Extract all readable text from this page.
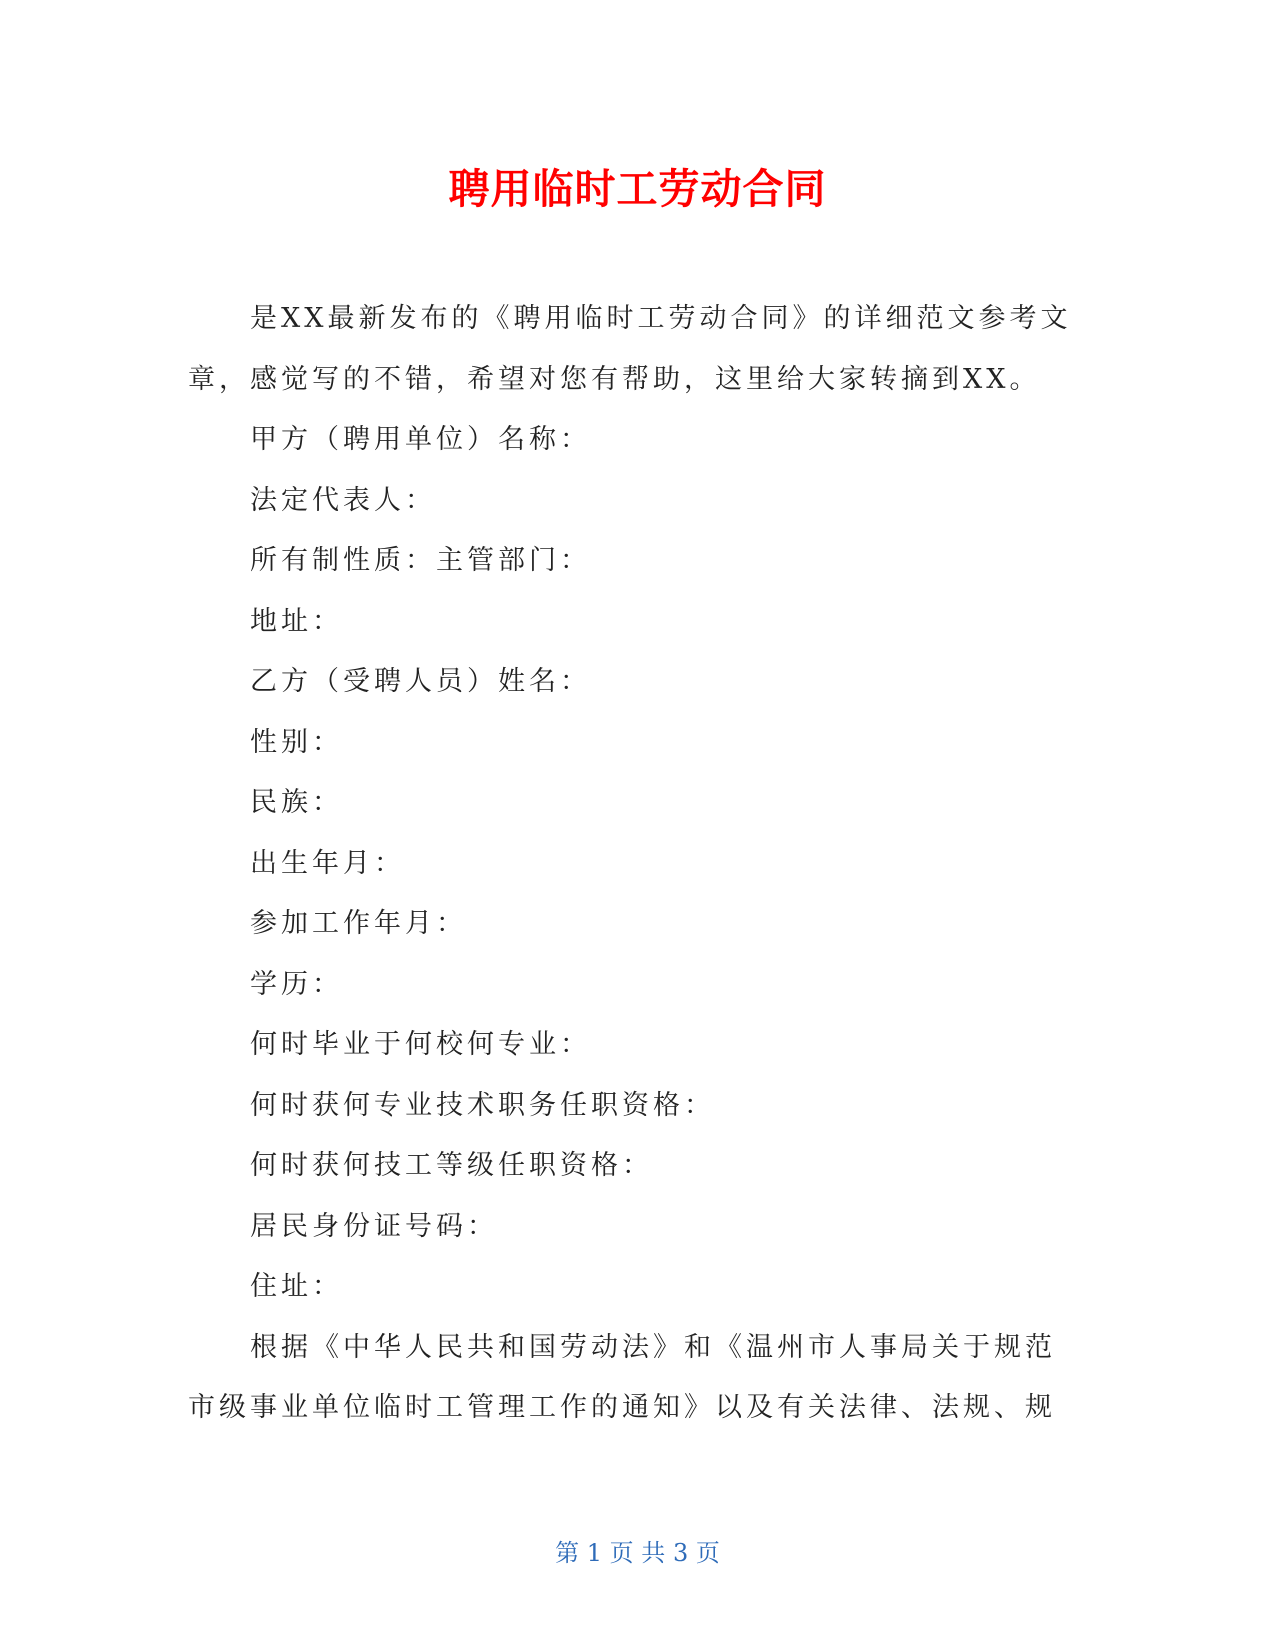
聘用临时工劳动合同

是XX最新发布的《聘用临时工劳动合同》的详细范文参考文
章，感觉写的不错，希望对您有帮助，这里给大家转摘到XX。

甲方（聘用单位）名称：

法定代表人：

所有制性质：主管部门：

地址：

乙方（受聘人员）姓名：

性别：

民族：

出生年月：

参加工作年月：

学历：

何时毕业于何校何专业：

何时获何专业技术职务任职资格：

何时获何技工等级任职资格：

居民身份证号码：

住址：

根据《中华人民共和国劳动法》和《温州市人事局关于规范
市级事业单位临时工管理工作的通知》以及有关法律、法规、规

第 1 页 共 3 页
